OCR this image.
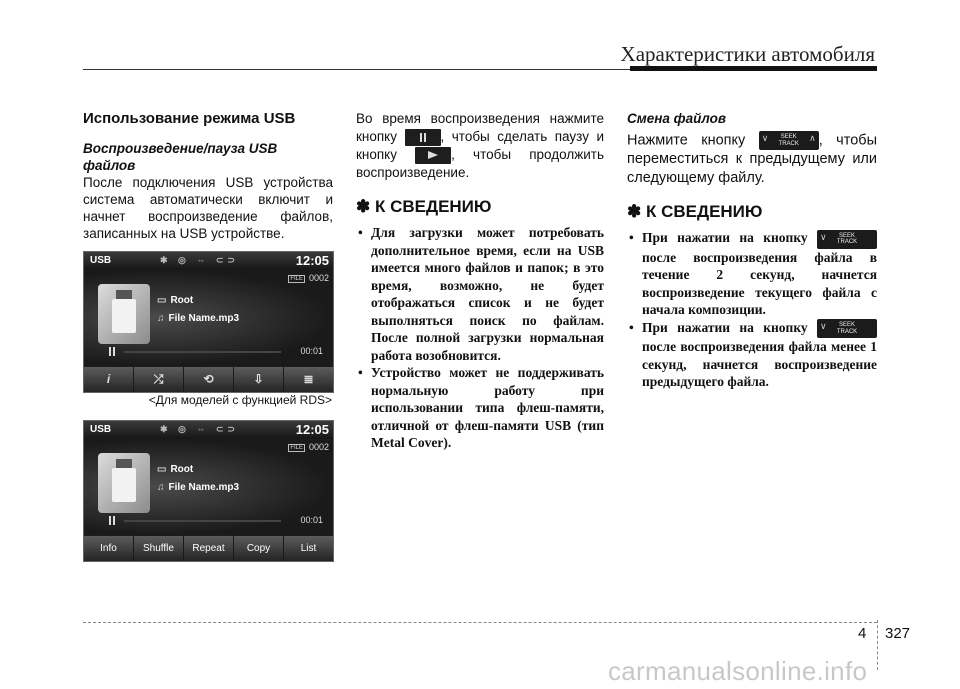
Характеристики автомобиля
Использование режима USB
Воспроизведение/пауза USB файлов

После подключения USB устройства система автоматически включит и начнет воспроизведение файлов, записанных на USB устройстве.

USB	✱ ◎ ⇔ ⊂⊃	12:05
FILE 0002
▭ Root
♫ File Name.mp3
00:01
i	⤮	⟲	⇩	≣
<Для моделей с функцией RDS>
USB	✱ ◎ ⇔ ⊂⊃	12:05
FILE 0002
▭ Root
♫ File Name.mp3
00:01
Info	Shuffle	Repeat	Copy	List

Во время воспроизведения нажмите кнопку	, чтобы сделать паузу и кнопку	, чтобы продолжить воспроизведение.

✽ К СВЕДЕНИЮ
• Для загрузки может потребовать дополнительное время, если на USB имеется много файлов и папок; в это время, возможно, не будет отображаться список и не будет выполняться поиск по файлам. После полной загрузки нормальная работа возобновится.
• Устройство может не поддерживать нормальную работу при использовании типа флеш-памяти, отличной от флеш-памяти USB (тип Metal Cover).
Смена файлов

Нажмите кнопку ∨	SEEK
TRACK
∧ , чтобы переместиться к предыдущему или следующему файлу.

✽ К СВЕДЕНИЮ
• При нажатии на кнопку ∨	SEEK
TRACK
после воспроизведения файла в течение 2 секунд, начнется воспроизведение текущего файла с начала композиции.
• При нажатии на кнопку ∨	SEEK
TRACK
после воспроизведения файла менее 1 секунд, начнется воспроизведение предыдущего файла.
4 327
carmanualsonline.info
